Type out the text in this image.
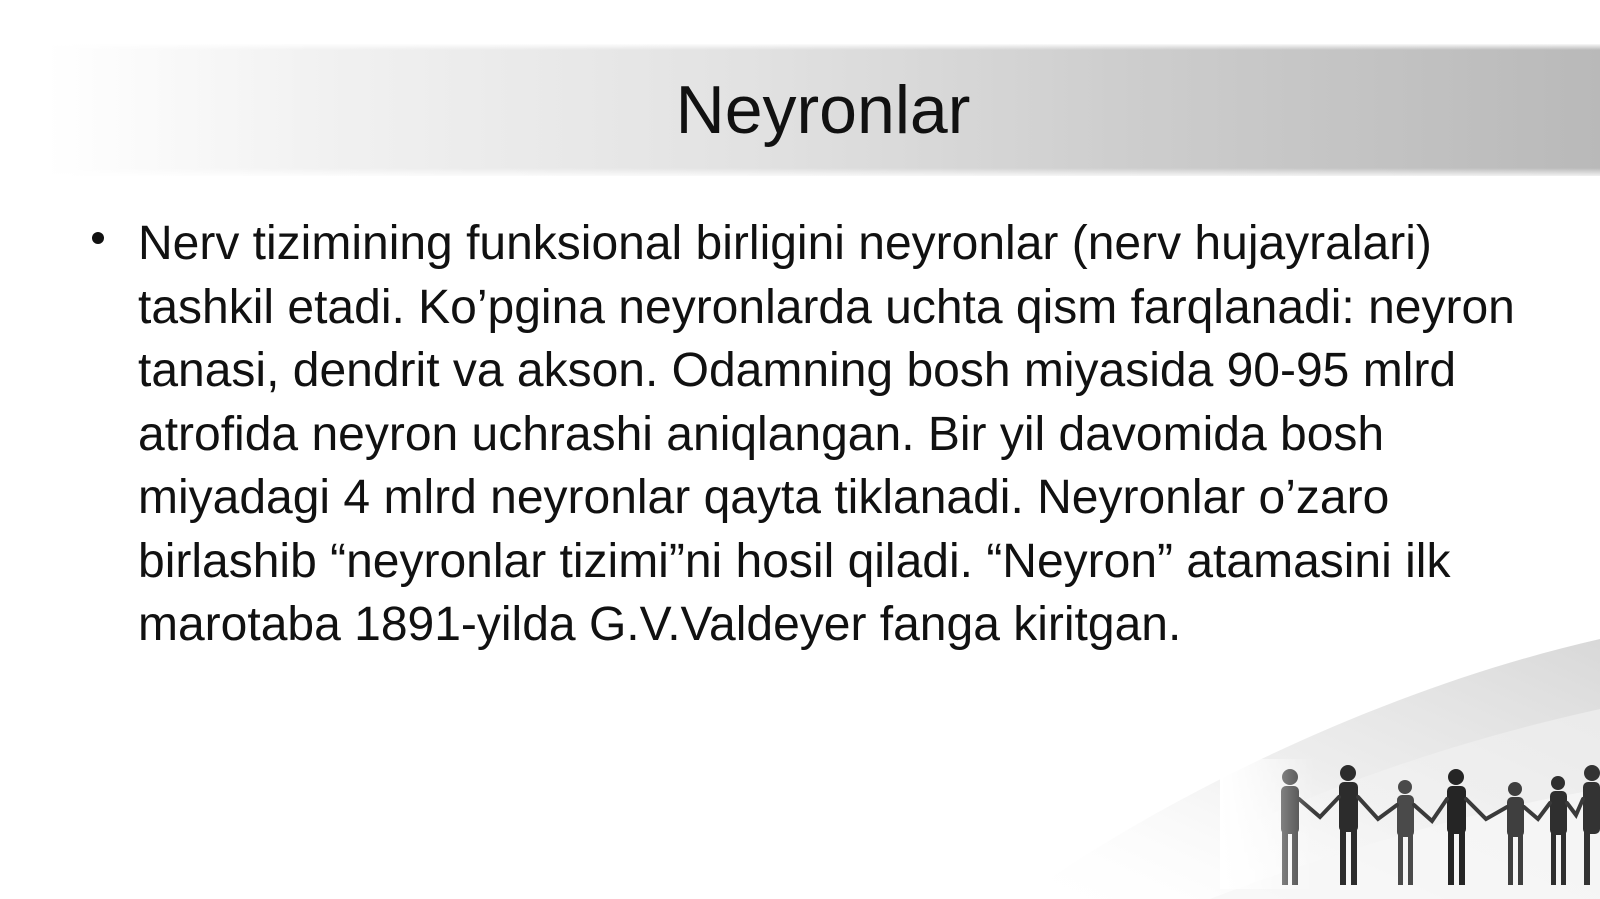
Neyronlar
Nerv tizimining funksional birligini neyronlar (nerv hujayralari) tashkil etadi. Ko’pgina neyronlarda uchta qism farqlanadi: neyron tanasi, dendrit va akson. Odamning bosh miyasida 90-95 mlrd atrofida neyron uchrashi aniqlangan. Bir yil davomida bosh miyadagi 4 mlrd neyronlar qayta tiklanadi. Neyronlar o’zaro birlashib “neyronlar tizimi”ni hosil qiladi. “Neyron” atamasini ilk marotaba 1891-yilda G.V.Valdeyer fanga kiritgan.
